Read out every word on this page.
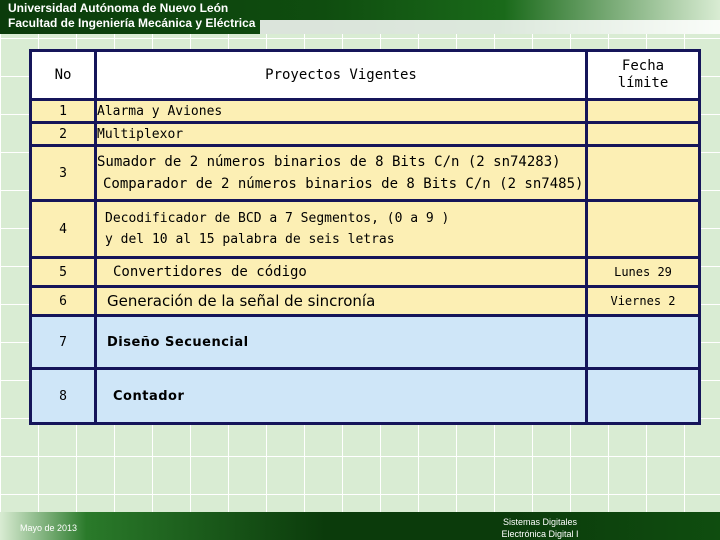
Universidad Autónoma de Nuevo León
Facultad de Ingeniería Mecánica y Eléctrica
No	Proyectos Vigentes	Fecha
límite

1	Alarma y Aviones	
2	Multiplexor	
3	Sumador de 2 números binarios de 8 Bits C/n (2 sn74283)
Comparador de 2 números binarios de 8 Bits C/n (2 sn7485)	

4	Decodificador de BCD a 7 Segmentos, (0 a 9 )
y del 10 al 15 palabra de seis letras	

5	Convertidores de código	Lunes 29
6	Generación de la señal de sincronía	Viernes 2
7	Diseño Secuencial	
8	Contador	
Mayo de 2013
Sistemas Digitales
Electrónica Digital I
